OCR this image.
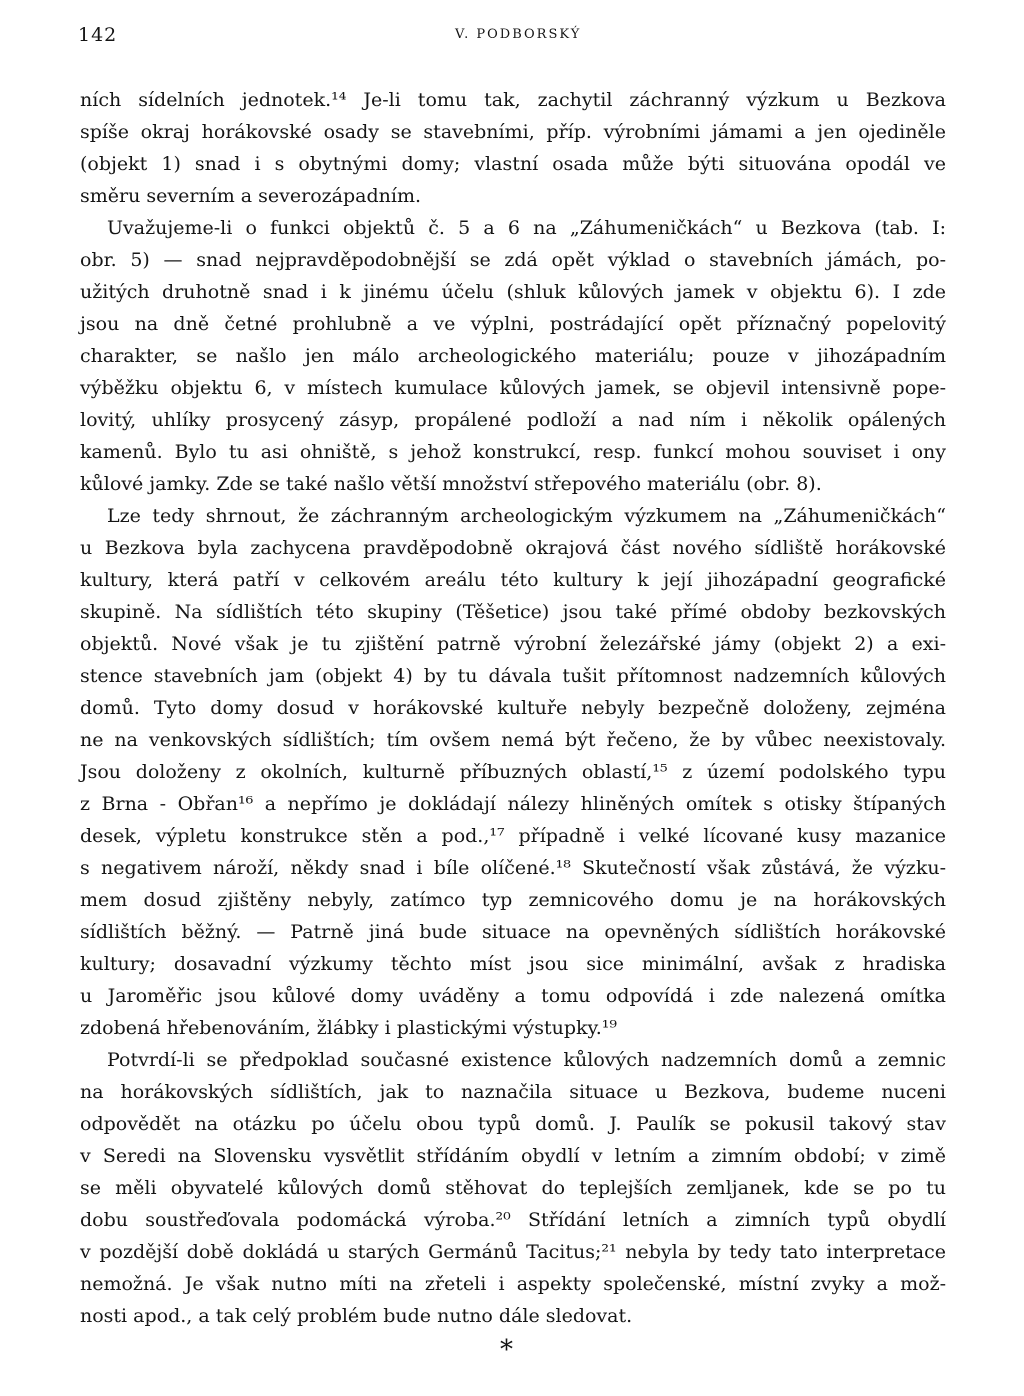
142	V. PODBORSKÝ
ních sídelních jednotek.¹⁴ Je-li tomu tak, zachytil záchranný výzkum u Bezkova
spíše okraj horákovské osady se stavebními, příp. výrobními jámami a jen ojediněle
(objekt 1) snad i s obytnými domy; vlastní osada může býti situována opodál ve
směru severním a severozápadním.
Uvažujeme-li o funkci objektů č. 5 a 6 na „Záhumeničkách“ u Bezkova (tab. I:
obr. 5) — snad nejpravděpodobnější se zdá opět výklad o stavebních jámách, po-
užitých druhotně snad i k jinému účelu (shluk kůlových jamek v objektu 6). I zde
jsou na dně četné prohlubně a ve výplni, postrádající opět příznačný popelovitý
charakter, se našlo jen málo archeologického materiálu; pouze v jihozápadním
výběžku objektu 6, v místech kumulace kůlových jamek, se objevil intensivně pope-
lovitý, uhlíky prosycený zásyp, propálené podloží a nad ním i několik opálených
kamenů. Bylo tu asi ohniště, s jehož konstrukcí, resp. funkcí mohou souviset i ony
kůlové jamky. Zde se také našlo větší množství střepového materiálu (obr. 8).
Lze tedy shrnout, že záchranným archeologickým výzkumem na „Záhumeničkách“
u Bezkova byla zachycena pravděpodobně okrajová část nového sídliště horákovské
kultury, která patří v celkovém areálu této kultury k její jihozápadní geografické
skupině. Na sídlištích této skupiny (Těšetice) jsou také přímé obdoby bezkovských
objektů. Nové však je tu zjištění patrně výrobní železářské jámy (objekt 2) a exi-
stence stavebních jam (objekt 4) by tu dávala tušit přítomnost nadzemních kůlových
domů. Tyto domy dosud v horákovské kultuře nebyly bezpečně doloženy, zejména
ne na venkovských sídlištích; tím ovšem nemá být řečeno, že by vůbec neexistovaly.
Jsou doloženy z okolních, kulturně příbuzných oblastí,¹⁵ z území podolského typu
z Brna - Obřan¹⁶ a nepřímo je dokládají nálezy hliněných omítek s otisky štípaných
desek, výpletu konstrukce stěn a pod.,¹⁷ případně i velké lícované kusy mazanice
s negativem nároží, někdy snad i bíle olíčené.¹⁸ Skutečností však zůstává, že výzku-
mem dosud zjištěny nebyly, zatímco typ zemnicového domu je na horákovských
sídlištích běžný. — Patrně jiná bude situace na opevněných sídlištích horákovské
kultury; dosavadní výzkumy těchto míst jsou sice minimální, avšak z hradiska
u Jaroměřic jsou kůlové domy uváděny a tomu odpovídá i zde nalezená omítka
zdobená hřebenováním, žlábky i plastickými výstupky.¹⁹
Potvrdí-li se předpoklad současné existence kůlových nadzemních domů a zemnic
na horákovských sídlištích, jak to naznačila situace u Bezkova, budeme nuceni
odpovědět na otázku po účelu obou typů domů. J. Paulík se pokusil takový stav
v Seredi na Slovensku vysvětlit střídáním obydlí v letním a zimním období; v zimě
se měli obyvatelé kůlových domů stěhovat do teplejších zemljanek, kde se po tu
dobu soustřeďovala podomácká výroba.²⁰ Střídání letních a zimních typů obydlí
v pozdější době dokládá u starých Germánů Tacitus;²¹ nebyla by tedy tato interpretace
nemožná. Je však nutno míti na zřeteli i aspekty společenské, místní zvyky a mož-
nosti apod., a tak celý problém bude nutno dále sledovat.
*
